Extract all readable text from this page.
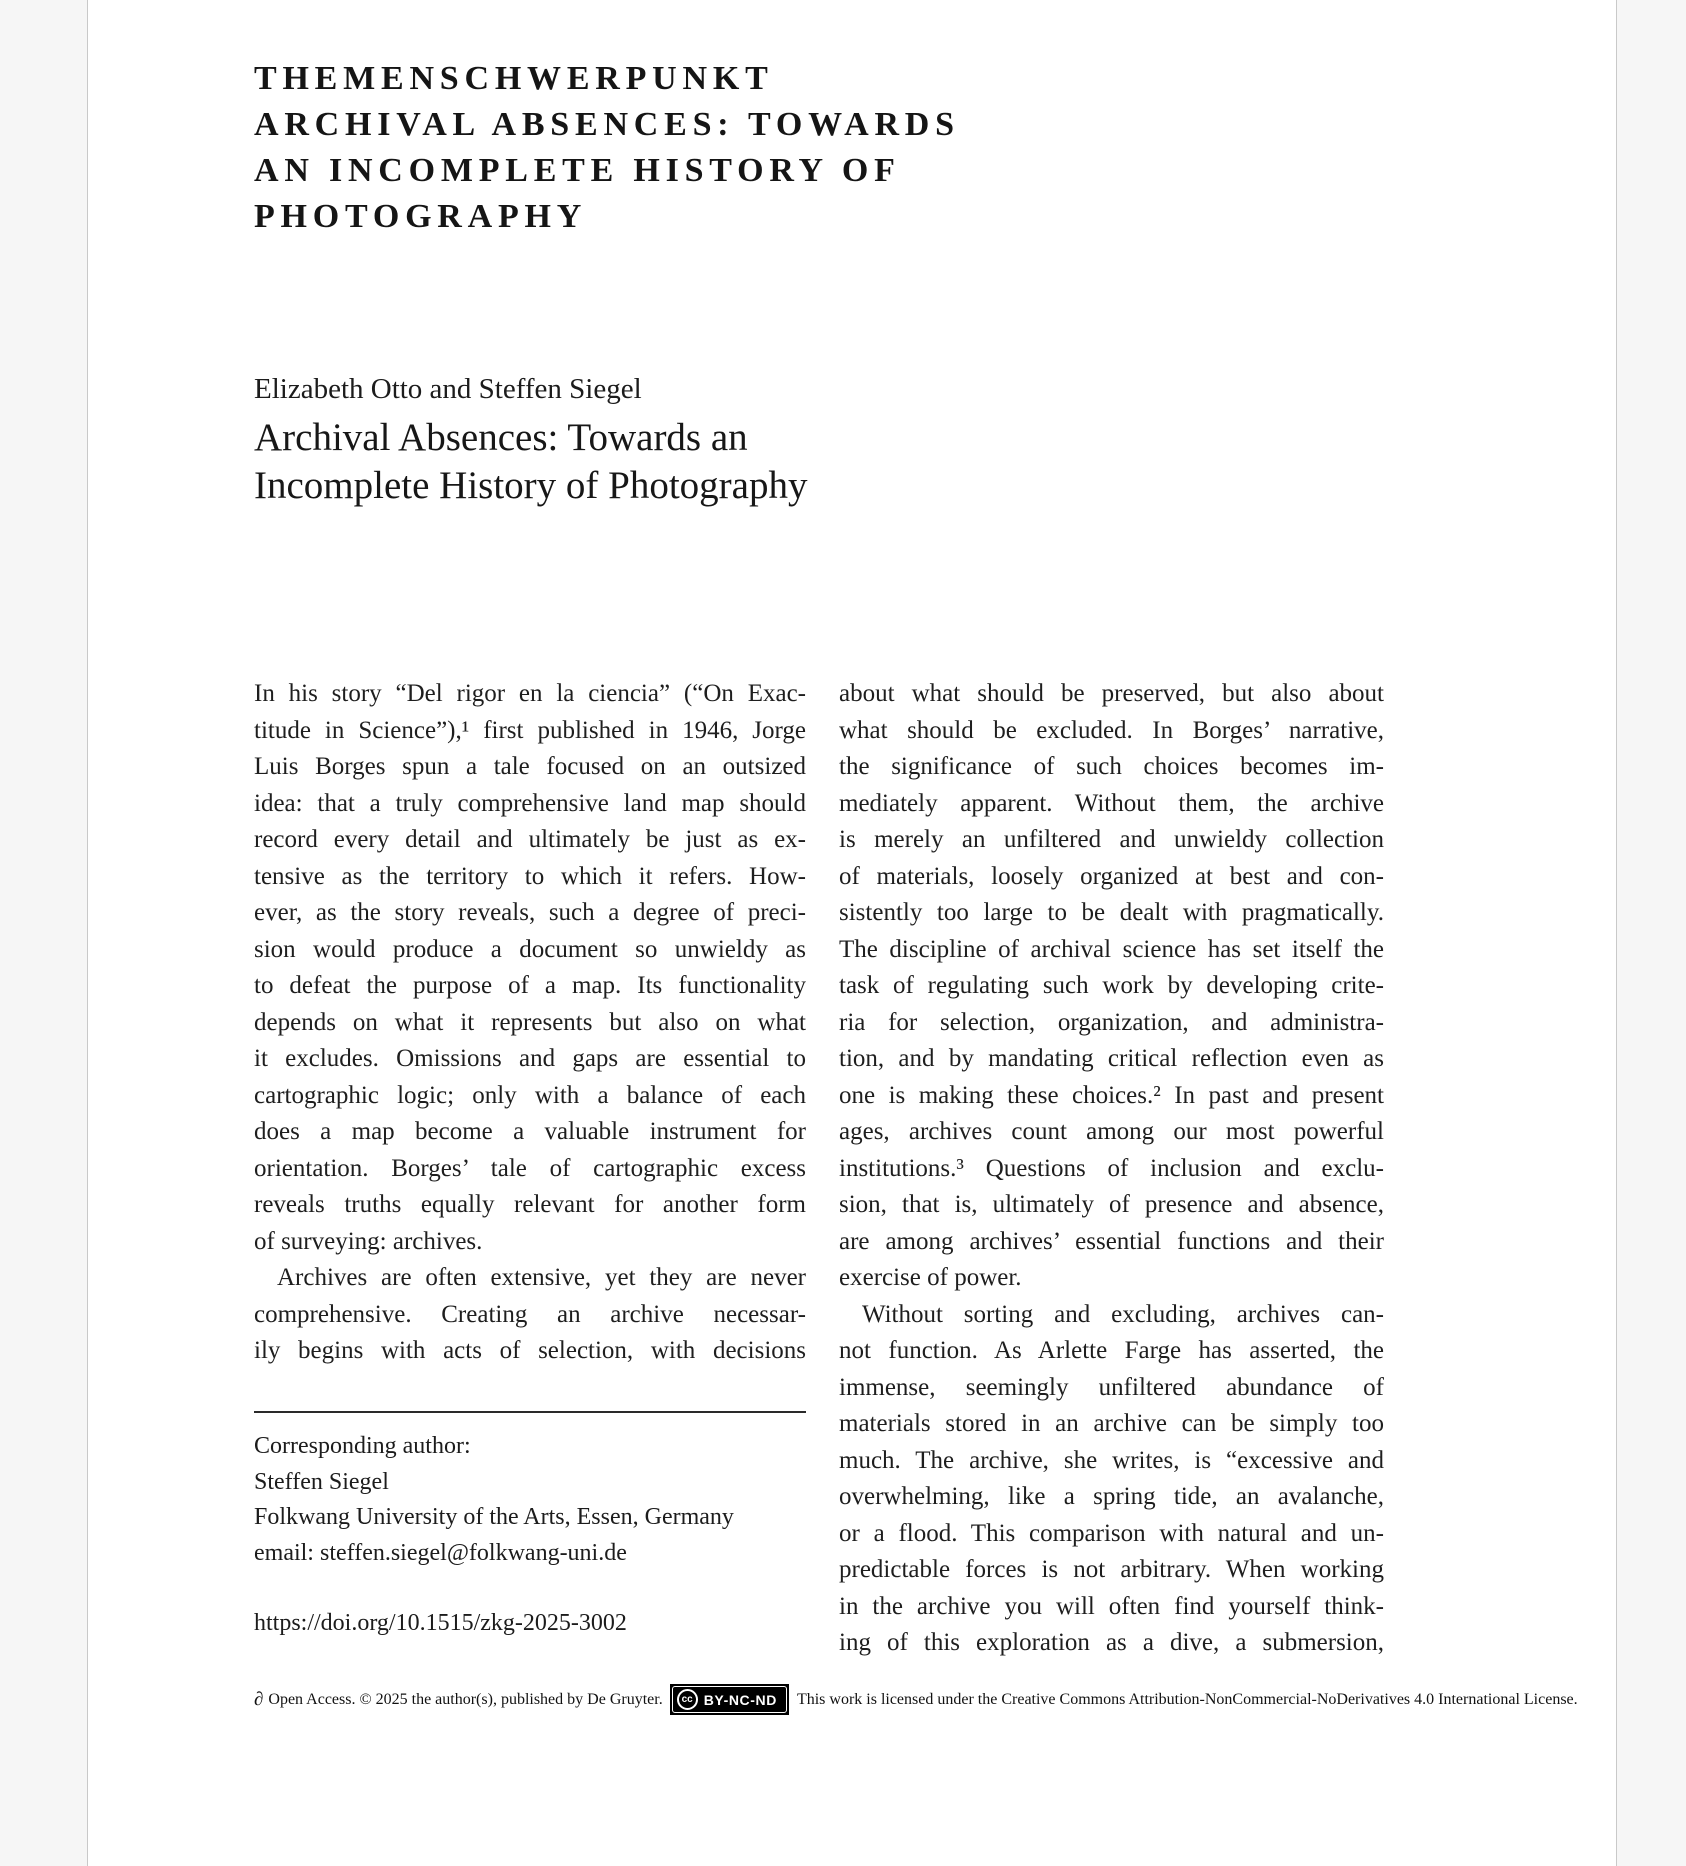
THEMENSCHWERPUNKT
ARCHIVAL ABSENCES: TOWARDS
AN INCOMPLETE HISTORY OF
PHOTOGRAPHY
Elizabeth Otto and Steffen Siegel
Archival Absences: Towards an
Incomplete History of Photography
In his story “Del rigor en la ciencia” (“On Exac-
titude in Science”),¹ first published in 1946, Jorge
Luis Borges spun a tale focused on an outsized
idea: that a truly comprehensive land map should
record every detail and ultimately be just as ex-
tensive as the territory to which it refers. How-
ever, as the story reveals, such a degree of preci-
sion would produce a document so unwieldy as
to defeat the purpose of a map. Its functionality
depends on what it represents but also on what
it excludes. Omissions and gaps are essential to
cartographic logic; only with a balance of each
does a map become a valuable instrument for
orientation. Borges’ tale of cartographic excess
reveals truths equally relevant for another form
of surveying: archives.
Archives are often extensive, yet they are never
comprehensive. Creating an archive necessar-
ily begins with acts of selection, with decisions
about what should be preserved, but also about
what should be excluded. In Borges’ narrative,
the significance of such choices becomes im-
mediately apparent. Without them, the archive
is merely an unfiltered and unwieldy collection
of materials, loosely organized at best and con-
sistently too large to be dealt with pragmatically.
The discipline of archival science has set itself the
task of regulating such work by developing crite-
ria for selection, organization, and administra-
tion, and by mandating critical reflection even as
one is making these choices.² In past and present
ages, archives count among our most powerful
institutions.³ Questions of inclusion and exclu-
sion, that is, ultimately of presence and absence,
are among archives’ essential functions and their
exercise of power.
Without sorting and excluding, archives can-
not function. As Arlette Farge has asserted, the
immense, seemingly unfiltered abundance of
materials stored in an archive can be simply too
much. The archive, she writes, is “excessive and
overwhelming, like a spring tide, an avalanche,
or a flood. This comparison with natural and un-
predictable forces is not arbitrary. When working
in the archive you will often find yourself think-
ing of this exploration as a dive, a submersion,
Corresponding author:
Steffen Siegel
Folkwang University of the Arts, Essen, Germany
email: steffen.siegel@folkwang-uni.de
https://doi.org/10.1515/zkg-2025-3002
∂ Open Access. © 2025 the author(s), published by De Gruyter.	cc BY-NC-ND This work is licensed under the Creative Commons Attribution-NonCommercial-NoDerivatives 4.0 International License.
